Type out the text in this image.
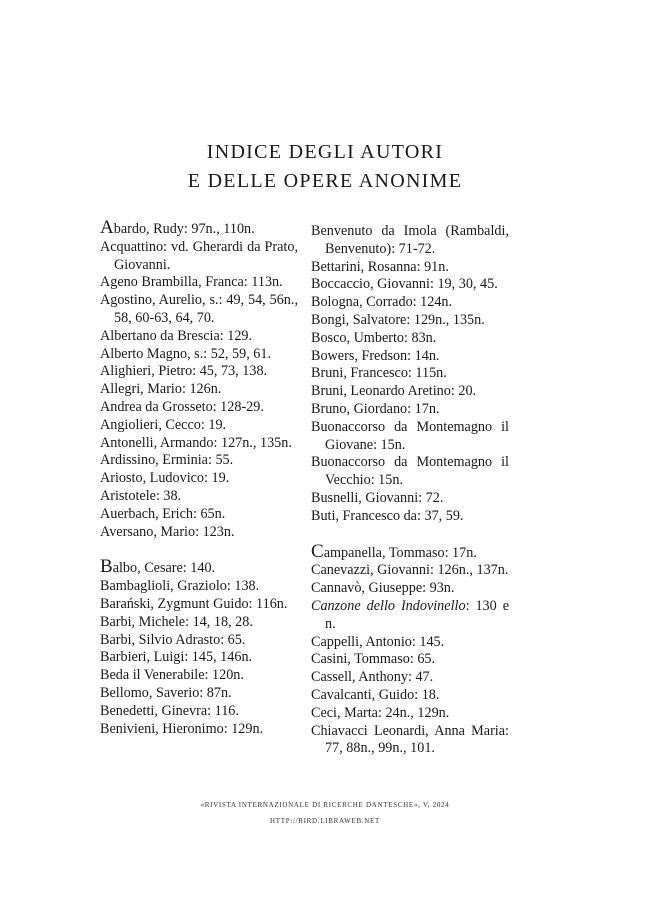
INDICE DEGLI AUTORI
E DELLE OPERE ANONIME
Abardo, Rudy: 97n., 110n.
Acquattino: vd. Gherardi da Prato, Giovanni.
Ageno Brambilla, Franca: 113n.
Agostino, Aurelio, s.: 49, 54, 56n., 58, 60-63, 64, 70.
Albertano da Brescia: 129.
Alberto Magno, s.: 52, 59, 61.
Alighieri, Pietro: 45, 73, 138.
Allegri, Mario: 126n.
Andrea da Grosseto: 128-29.
Angiolieri, Cecco: 19.
Antonelli, Armando: 127n., 135n.
Ardissino, Erminia: 55.
Ariosto, Ludovico: 19.
Aristotele: 38.
Auerbach, Erich: 65n.
Aversano, Mario: 123n.
Balbo, Cesare: 140.
Bambaglioli, Graziolo: 138.
Barański, Zygmunt Guido: 116n.
Barbi, Michele: 14, 18, 28.
Barbi, Silvio Adrasto: 65.
Barbieri, Luigi: 145, 146n.
Beda il Venerabile: 120n.
Bellomo, Saverio: 87n.
Benedetti, Ginevra: 116.
Benivieni, Hieronimo: 129n.
Benvenuto da Imola (Rambaldi, Benvenuto): 71-72.
Bettarini, Rosanna: 91n.
Boccaccio, Giovanni: 19, 30, 45.
Bologna, Corrado: 124n.
Bongi, Salvatore: 129n., 135n.
Bosco, Umberto: 83n.
Bowers, Fredson: 14n.
Bruni, Francesco: 115n.
Bruni, Leonardo Aretino: 20.
Bruno, Giordano: 17n.
Buonaccorso da Montemagno il Giovane: 15n.
Buonaccorso da Montemagno il Vecchio: 15n.
Busnelli, Giovanni: 72.
Buti, Francesco da: 37, 59.
Campanella, Tommaso: 17n.
Canevazzi, Giovanni: 126n., 137n.
Cannavò, Giuseppe: 93n.
Canzone dello Indovinello: 130 e n.
Cappelli, Antonio: 145.
Casini, Tommaso: 65.
Cassell, Anthony: 47.
Cavalcanti, Guido: 18.
Ceci, Marta: 24n., 129n.
Chiavacci Leonardi, Anna Maria: 77, 88n., 99n., 101.
«RIVISTA INTERNAZIONALE DI RICERCHE DANTESCHE», V, 2024
HTTP://RIRD.LIBRAWEB.NET
